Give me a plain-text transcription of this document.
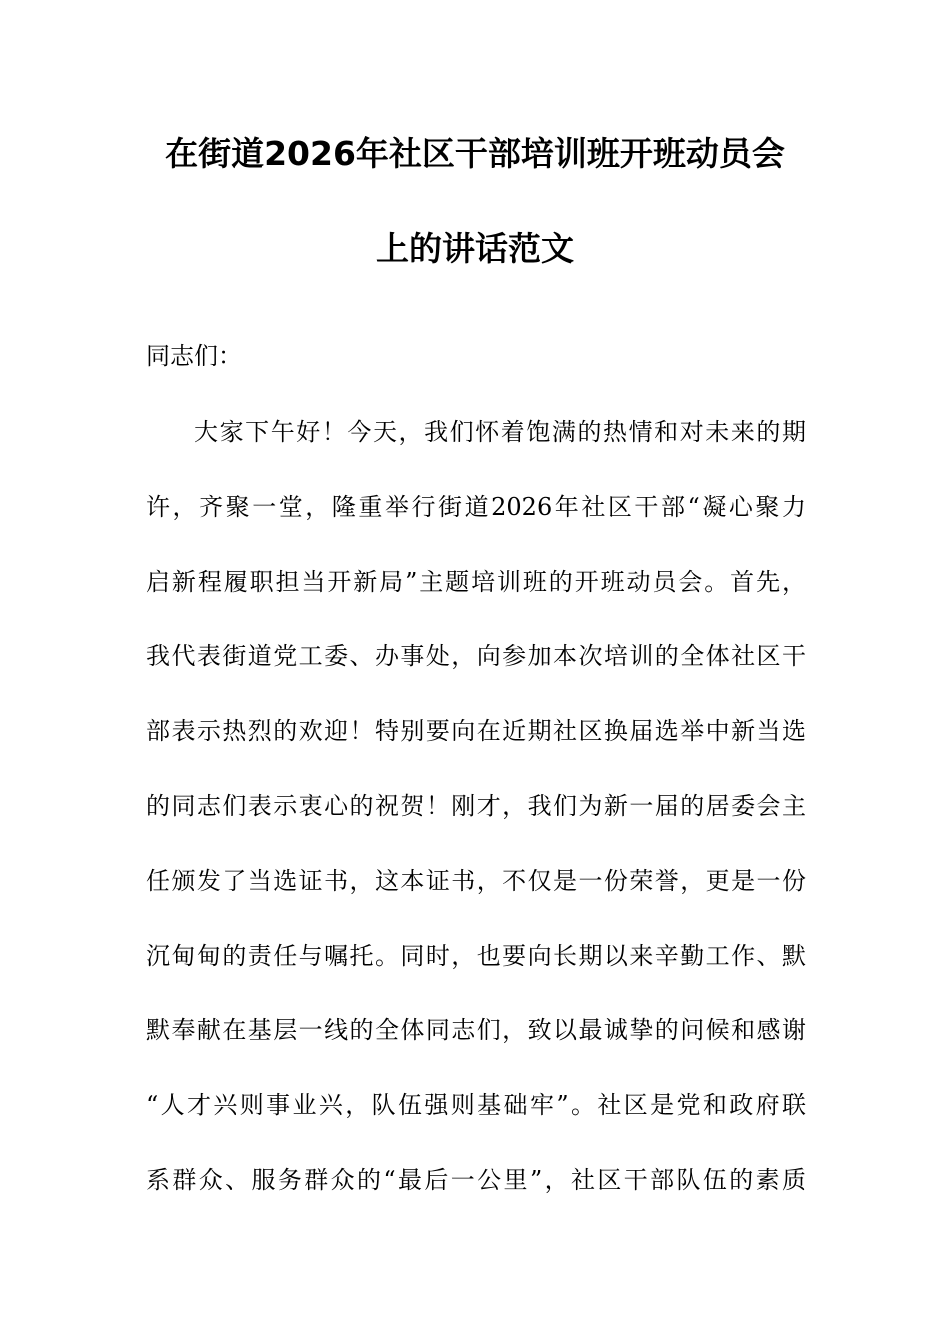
在街道2026年社区干部培训班开班动员会
上的讲话范文
同志们：
大家下午好！今天，我们怀着饱满的热情和对未来的期
许，齐聚一堂，隆重举行街道2026年社区干部“凝心聚力
启新程履职担当开新局”主题培训班的开班动员会。首先，
我代表街道党工委、办事处，向参加本次培训的全体社区干
部表示热烈的欢迎！特别要向在近期社区换届选举中新当选
的同志们表示衷心的祝贺！刚才，我们为新一届的居委会主
任颁发了当选证书，这本证书，不仅是一份荣誉，更是一份
沉甸甸的责任与嘱托。同时，也要向长期以来辛勤工作、默
默奉献在基层一线的全体同志们，致以最诚挚的问候和感谢
“人才兴则事业兴，队伍强则基础牢”。社区是党和政府联
系群众、服务群众的“最后一公里”，社区干部队伍的素质
